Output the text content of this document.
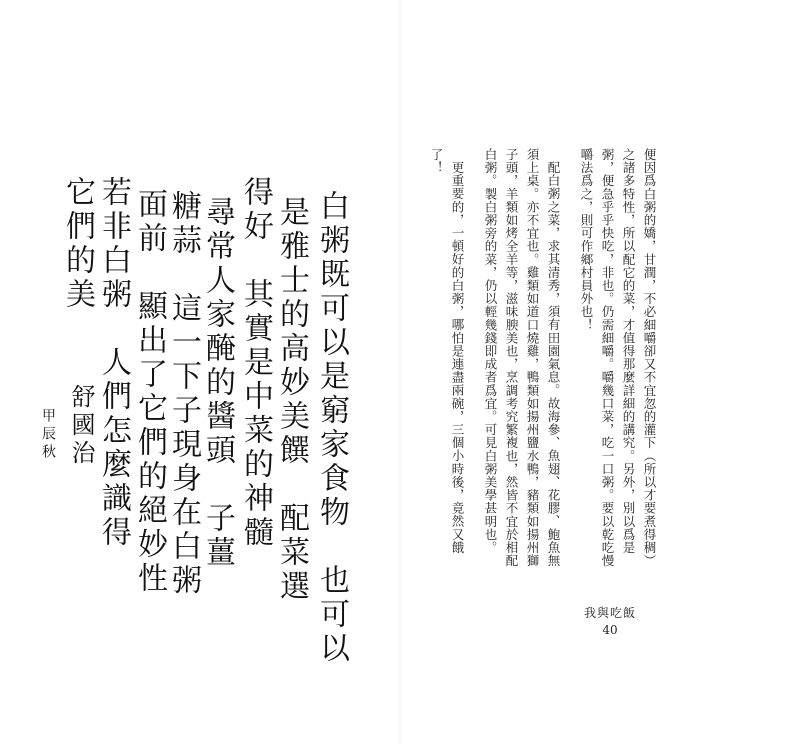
白粥既可以是窮家食物　也可以
是雅士的高妙美饌　配菜選
得好　其實是中菜的神髓
尋常人家醃的醬頭　子薑
糖蒜　這一下子現身在白粥
面前　顯出了它們的絕妙性
若非白粥　人們怎麼識得
它們的美
舒國治
甲辰秋	便因爲白粥的嬌，甘潤，不必細嚼卻又不宜忽的灌下（所以才要煮得稠）之諸多特性，所以配它的菜，才值得那麼詳細的講究。另外，別以爲是粥，便急乎乎快吃，非也。仍需細嚼。嚼幾口菜，吃一口粥。要以乾吃慢嚼法爲之，則可作鄉村員外也！

配白粥之菜，求其清秀，須有田園氣息。故海參、魚翅、花膠、鮑魚無須上桌。亦不宜也。雞類如道口燒雞，鴨類如揚州鹽水鴨，豬類如揚州獅子頭，羊類如烤全羊等，滋味腴美也，烹調考究繁複也，然皆不宜於相配白粥。製白粥旁的菜，仍以輕幾錢即成者爲宜。可見白粥美學甚明也。

更重要的，一頓好的白粥，哪怕是連盡兩碗，三個小時後，竟然又餓了！

我與吃飯
40
